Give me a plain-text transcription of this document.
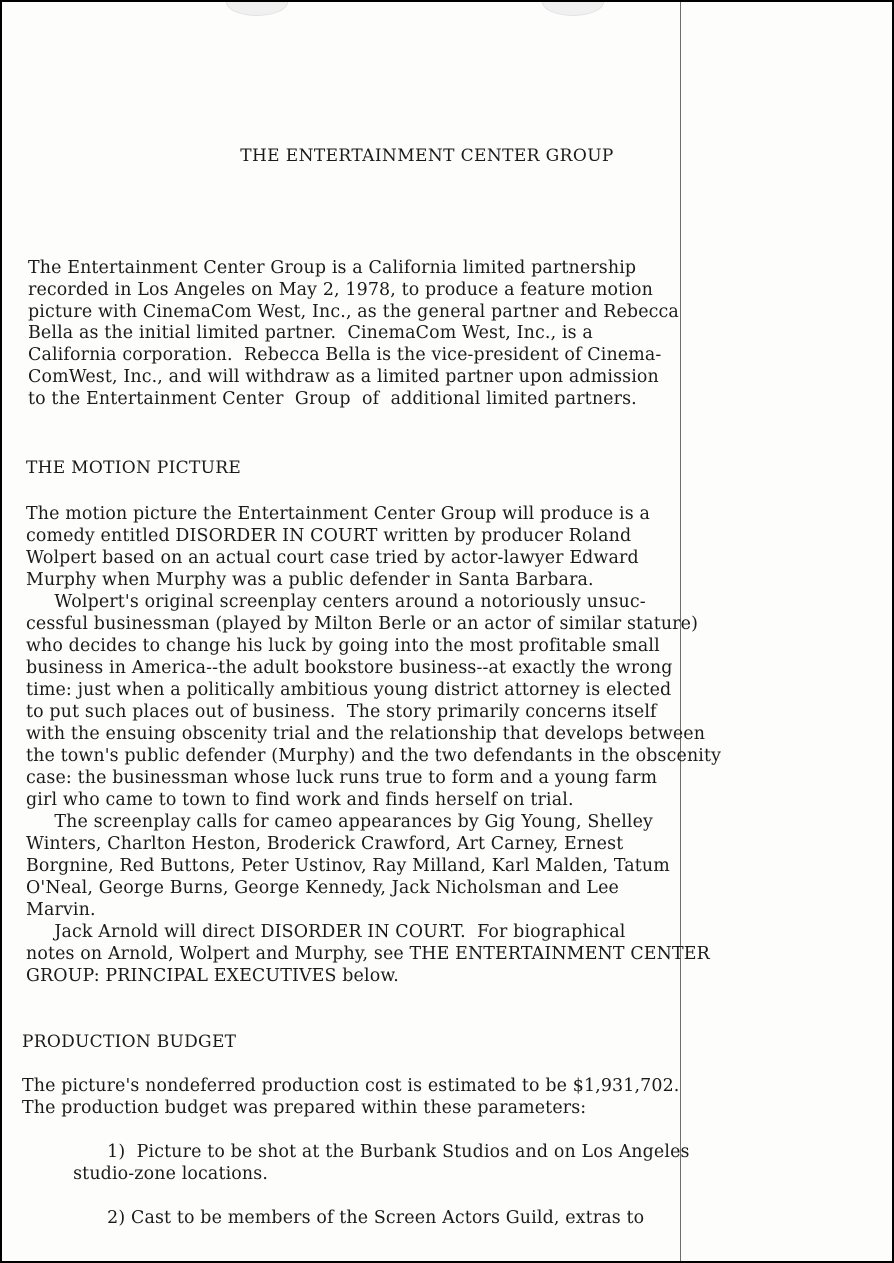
THE ENTERTAINMENT CENTER GROUP
The Entertainment Center Group is a California limited partnership
recorded in Los Angeles on May 2, 1978, to produce a feature motion
picture with CinemaCom West, Inc., as the general partner and Rebecca
Bella as the initial limited partner.  CinemaCom West, Inc., is a
California corporation.  Rebecca Bella is the vice-president of Cinema-
ComWest, Inc., and will withdraw as a limited partner upon admission
to the Entertainment Center  Group  of  additional limited partners.
THE MOTION PICTURE
The motion picture the Entertainment Center Group will produce is a
comedy entitled DISORDER IN COURT written by producer Roland
Wolpert based on an actual court case tried by actor-lawyer Edward
Murphy when Murphy was a public defender in Santa Barbara.
Wolpert's original screenplay centers around a notoriously unsuc-
cessful businessman (played by Milton Berle or an actor of similar stature)
who decides to change his luck by going into the most profitable small
business in America--the adult bookstore business--at exactly the wrong
time: just when a politically ambitious young district attorney is elected
to put such places out of business.  The story primarily concerns itself
with the ensuing obscenity trial and the relationship that develops between
the town's public defender (Murphy) and the two defendants in the obscenity
case: the businessman whose luck runs true to form and a young farm
girl who came to town to find work and finds herself on trial.
The screenplay calls for cameo appearances by Gig Young, Shelley
Winters, Charlton Heston, Broderick Crawford, Art Carney, Ernest
Borgnine, Red Buttons, Peter Ustinov, Ray Milland, Karl Malden, Tatum
O'Neal, George Burns, George Kennedy, Jack Nicholsman and Lee
Marvin.
Jack Arnold will direct DISORDER IN COURT.  For biographical
notes on Arnold, Wolpert and Murphy, see THE ENTERTAINMENT CENTER
GROUP: PRINCIPAL EXECUTIVES below.
PRODUCTION BUDGET
The picture's nondeferred production cost is estimated to be $1,931,702.
The production budget was prepared within these parameters:
1)  Picture to be shot at the Burbank Studios and on Los Angeles
studio-zone locations.
2) Cast to be members of the Screen Actors Guild, extras to
